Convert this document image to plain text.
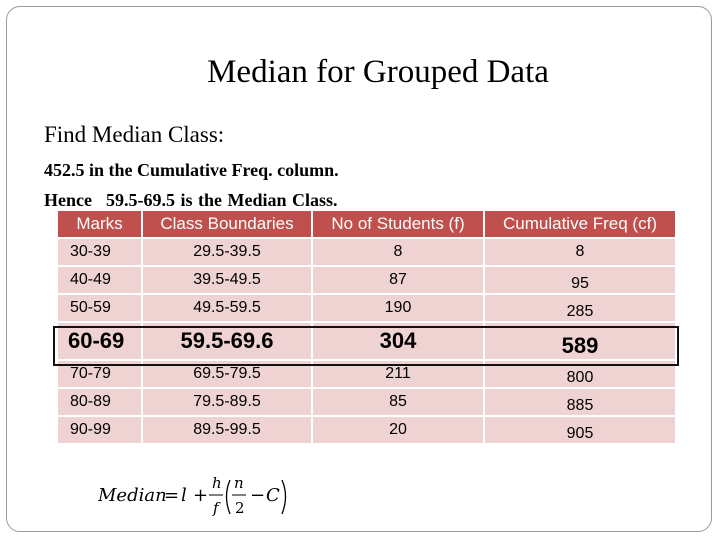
Median for Grouped Data
Find Median Class:
452.5 in the Cumulative Freq. column.
Hence 59.5-69.5 is the Median Class.
Marks	Class Boundaries	No of Students (f)	Cumulative Freq (cf)
30-39	29.5-39.5	8	8
40-49	39.5-49.5	87	95
50-59	49.5-59.5	190	285
60-69	59.5-69.6	304	589
70-79	69.5-79.5	211	800
80-89	79.5-89.5	85	885
90-99	89.5-99.5	20	905
Median
= l +
h
f
n
2
− C
